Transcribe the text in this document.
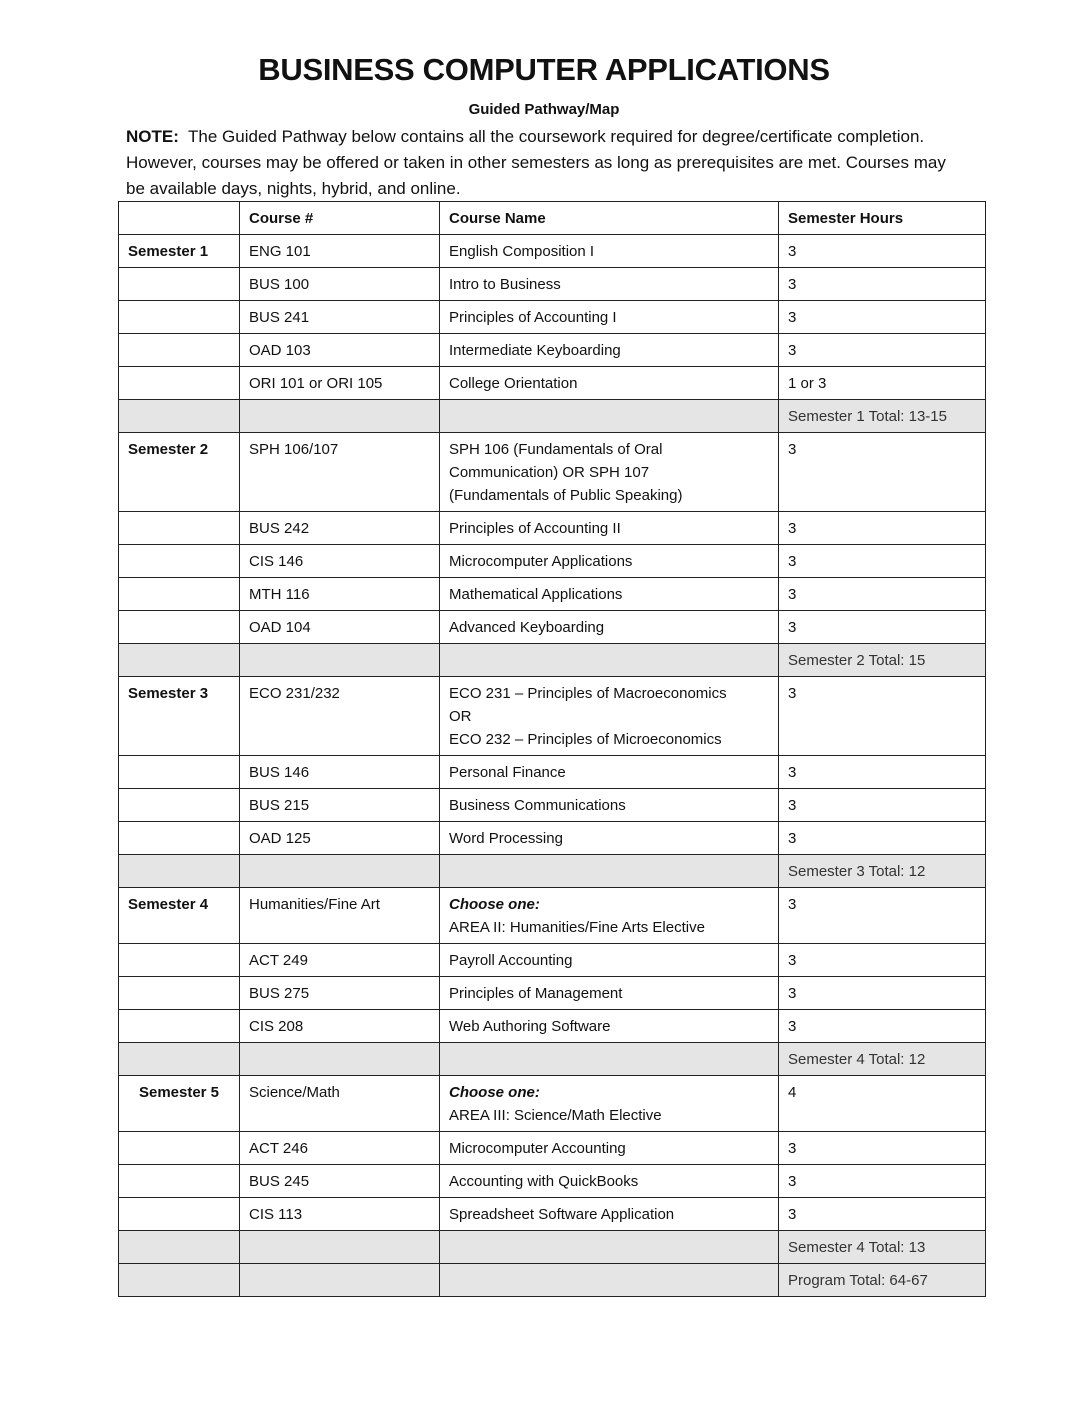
BUSINESS COMPUTER APPLICATIONS
Guided Pathway/Map
NOTE: The Guided Pathway below contains all the coursework required for degree/certificate completion. However, courses may be offered or taken in other semesters as long as prerequisites are met. Courses may be available days, nights, hybrid, and online.
	Course #	Course Name	Semester Hours
Semester 1	ENG 101	English Composition I	3
	BUS 100	Intro to Business	3
	BUS 241	Principles of Accounting I	3
	OAD 103	Intermediate Keyboarding	3
	ORI 101 or ORI 105	College Orientation	1 or 3
			Semester 1 Total: 13-15
Semester 2	SPH 106/107	SPH 106 (Fundamentals of Oral
Communication) OR SPH 107
(Fundamentals of Public Speaking)	3
	BUS 242	Principles of Accounting II	3
	CIS 146	Microcomputer Applications	3
	MTH 116	Mathematical Applications	3
	OAD 104	Advanced Keyboarding	3
			Semester 2 Total: 15
Semester 3	ECO 231/232	ECO 231 – Principles of Macroeconomics
OR
ECO 232 – Principles of Microeconomics	3
	BUS 146	Personal Finance	3
	BUS 215	Business Communications	3
	OAD 125	Word Processing	3
			Semester 3 Total: 12
Semester 4	Humanities/Fine Art	Choose one:
AREA II: Humanities/Fine Arts Elective	3
	ACT 249	Payroll Accounting	3
	BUS 275	Principles of Management	3
	CIS 208	Web Authoring Software	3
			Semester 4 Total: 12
Semester 5	Science/Math	Choose one:
AREA III: Science/Math Elective	4
	ACT 246	Microcomputer Accounting	3
	BUS 245	Accounting with QuickBooks	3
	CIS 113	Spreadsheet Software Application	3
			Semester 4 Total: 13
			Program Total: 64-67
